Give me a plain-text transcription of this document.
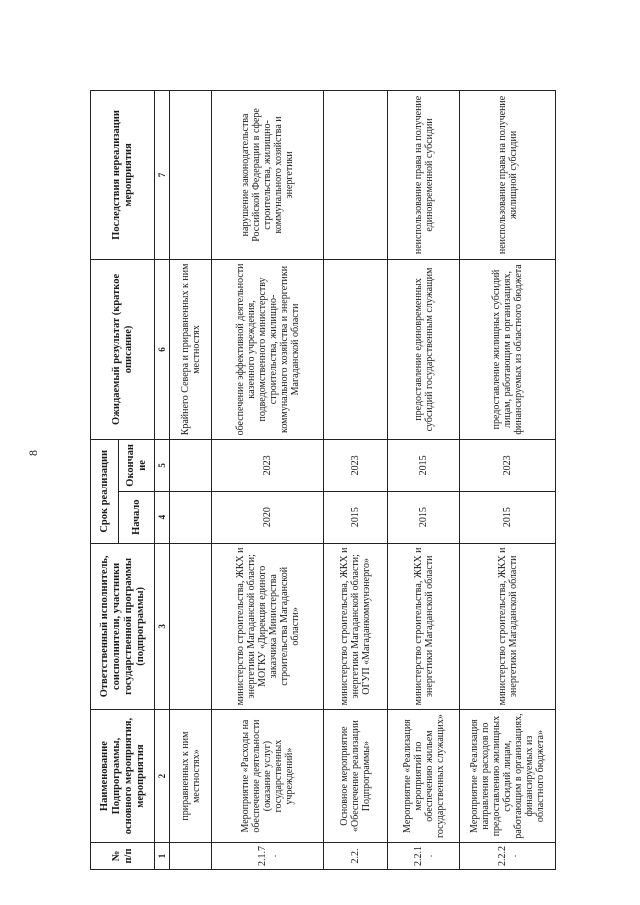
8
№ п/п	Наименование Подпрограммы, основного мероприятия, мероприятия	Ответственный исполнитель, соисполнители, участники государственной программы (подпрограммы)	Срок реализации		Ожидаемый результат (краткое описание)	Последствия нереализации мероприятия
			Начало	Окончание		
1	2	3	4	5	6	7
	приравненных к ним местностях»				Крайнего Севера и приравненных к ним местностях	
2.1.7.	Мероприятие «Расходы на обеспечение деятельности (оказание услуг) государственных учреждений»	министерство строительства, ЖКХ и энергетики Магаданской области; МОГКУ «Дирекция единого заказчика Министерства строительства Магаданской области»	2020	2023	обеспечение эффективной деятельности казенного учреждения, подведомственного министерству строительства, жилищно-коммунального хозяйства и энергетики Магаданской области	нарушение законодательства Российской Федерации в сфере строительства, жилищно-коммунального хозяйства и энергетики
2.2.	Основное мероприятие «Обеспечение реализации Подпрограммы»	министерство строительства, ЖКХ и энергетики Магаданской области; ОГУП «Магаданкоммунэнерго»	2015	2023		
2.2.1.	Мероприятие «Реализация мероприятий по обеспечению жильем государственных служащих»	министерство строительства, ЖКХ и энергетики Магаданской области	2015	2015	предоставление единовременных субсидий государственным служащим	неиспользование права на получение единовременной субсидии
2.2.2.	Мероприятие «Реализация направления расходов по предоставлению жилищных субсидий лицам, работающим в организациях, финансируемых из областного бюджета»	министерство строительства, ЖКХ и энергетики Магаданской области	2015	2023	предоставление жилищных субсидий лицам, работающим в организациях, финансируемых из областного бюджета	неиспользование права на получение жилищной субсидии
